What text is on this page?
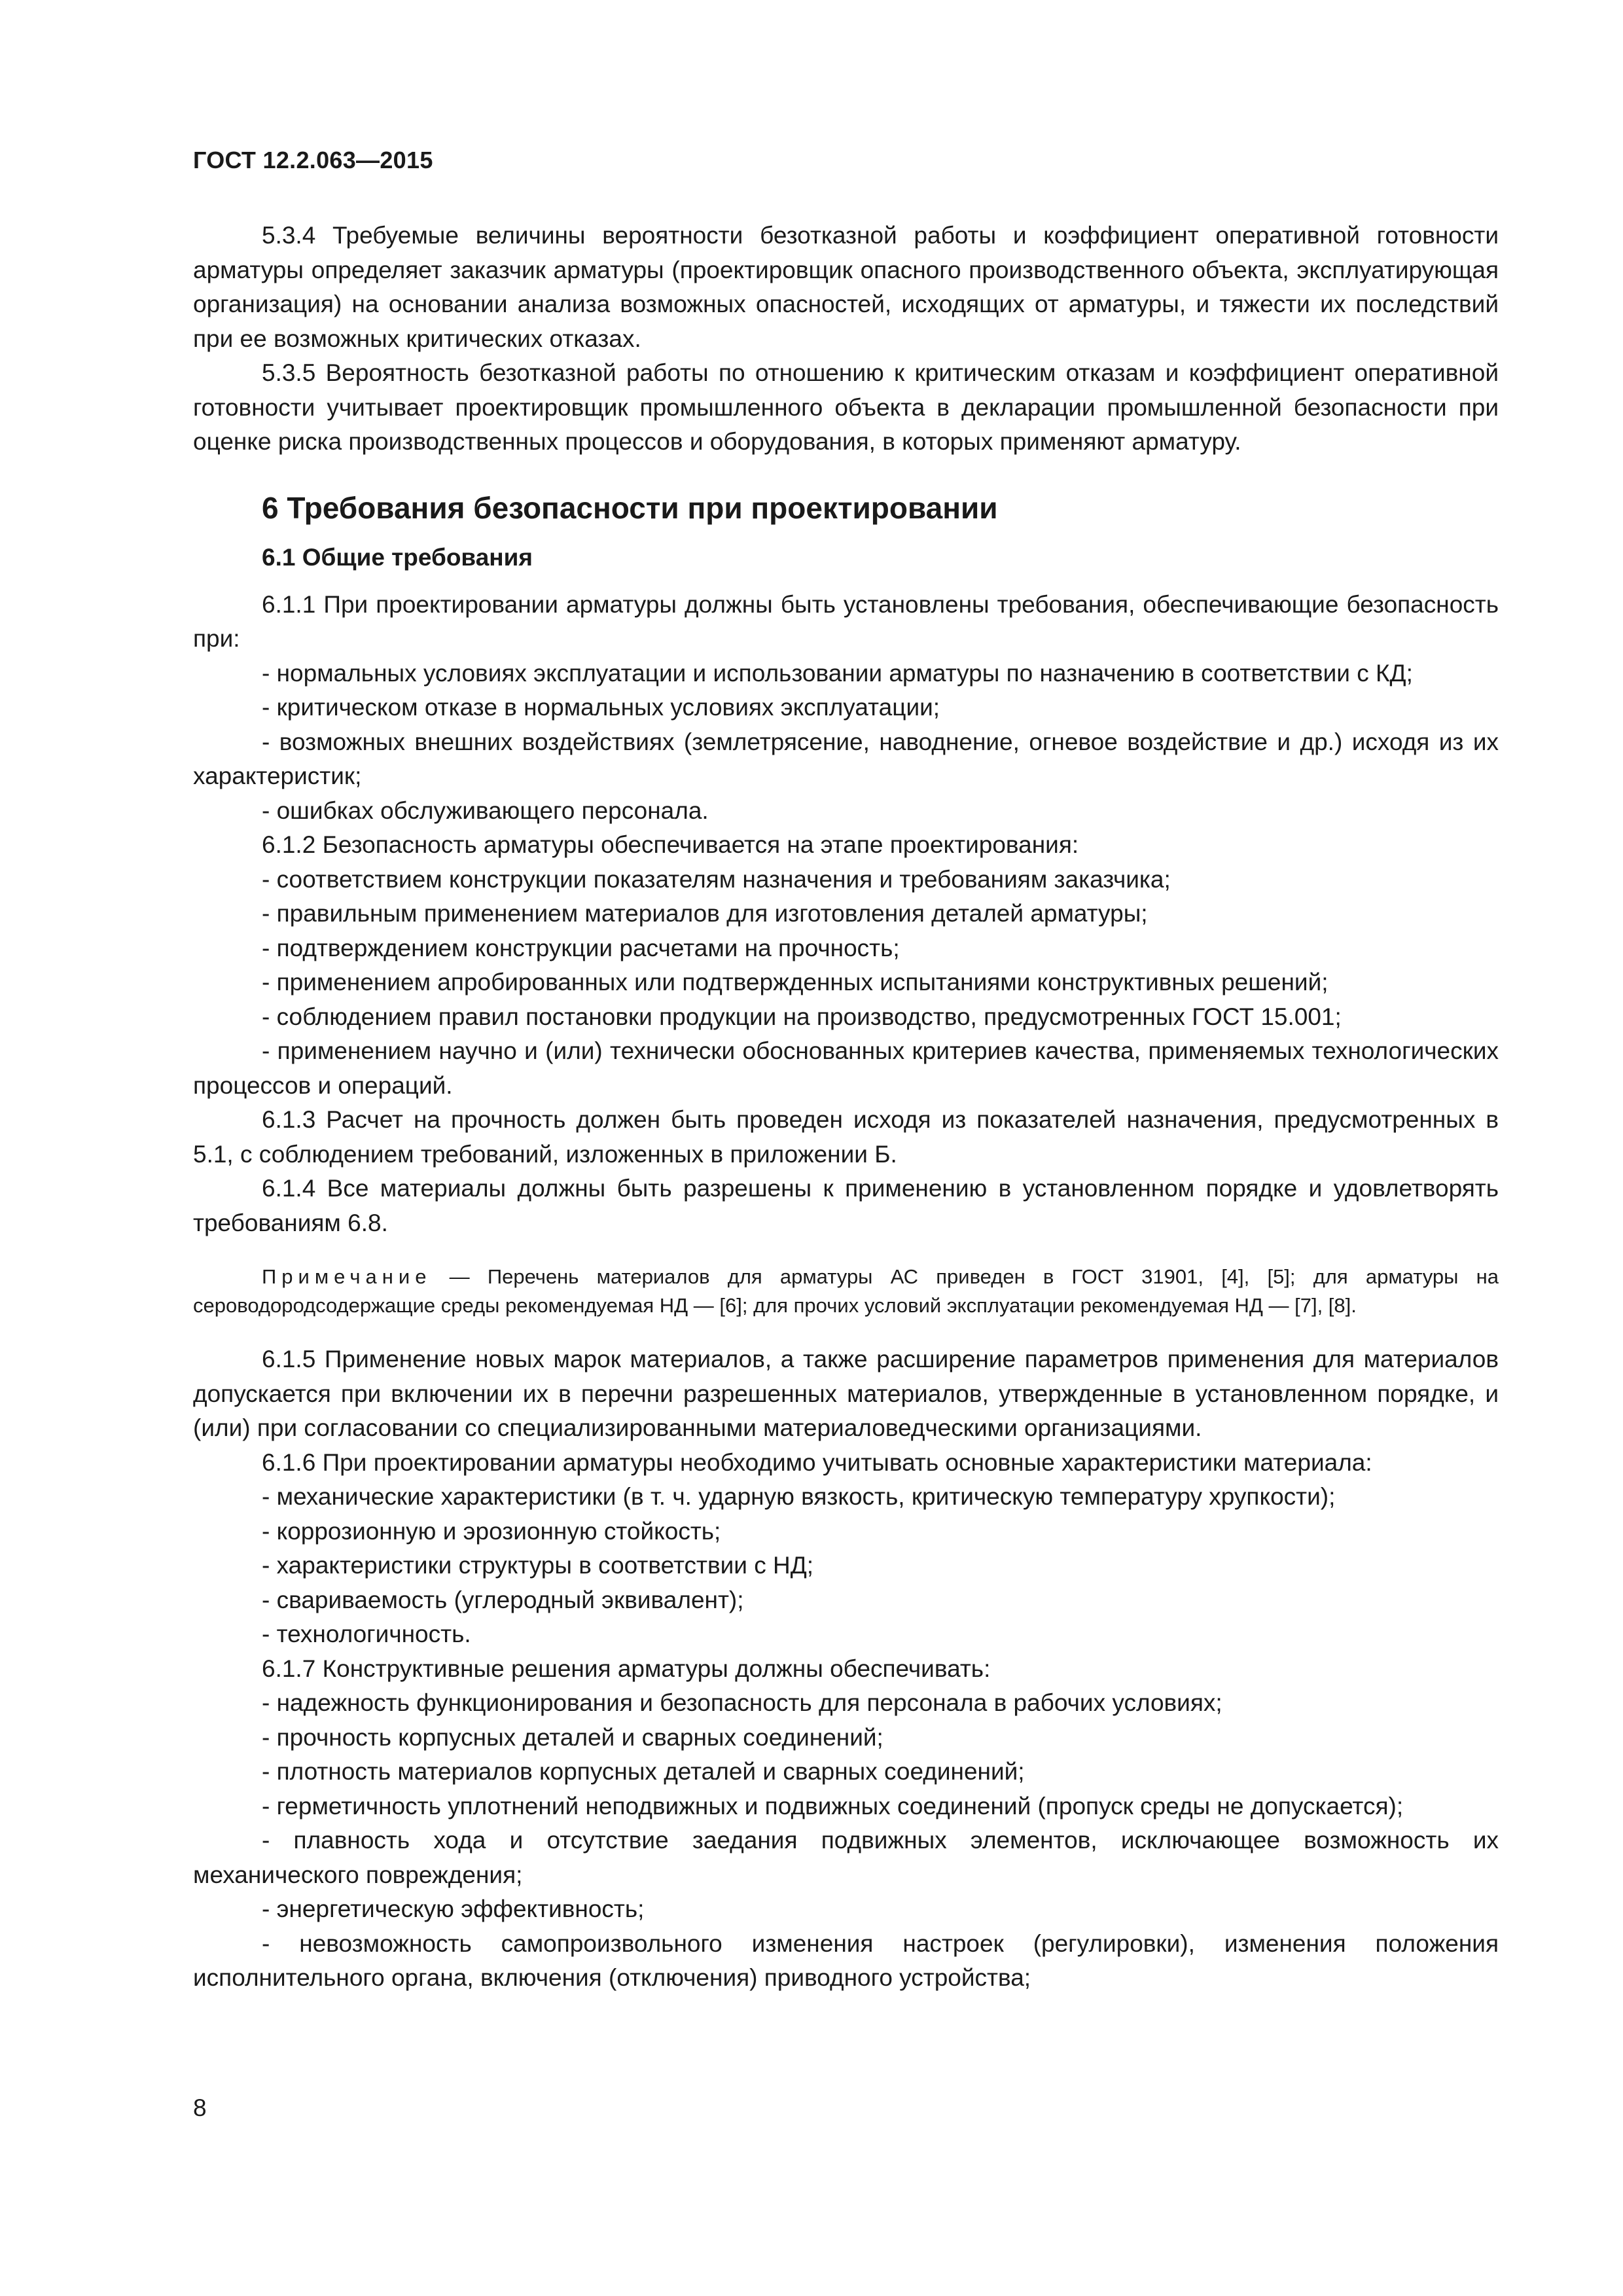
ГОСТ 12.2.063—2015

5.3.4 Требуемые величины вероятности безотказной работы и коэффициент оперативной готовности арматуры определяет заказчик арматуры (проектировщик опасного производственного объекта, эксплуатирующая организация) на основании анализа возможных опасностей, исходящих от арматуры, и тяжести их последствий при ее возможных критических отказах.

5.3.5 Вероятность безотказной работы по отношению к критическим отказам и коэффициент оперативной готовности учитывает проектировщик промышленного объекта в декларации промышленной безопасности при оценке риска производственных процессов и оборудования, в которых применяют арматуру.

6 Требования безопасности при проектировании
6.1 Общие требования

6.1.1 При проектировании арматуры должны быть установлены требования, обеспечивающие безопасность при:

- нормальных условиях эксплуатации и использовании арматуры по назначению в соответствии с КД;

- критическом отказе в нормальных условиях эксплуатации;

- возможных внешних воздействиях (землетрясение, наводнение, огневое воздействие и др.) исходя из их характеристик;

- ошибках обслуживающего персонала.

6.1.2 Безопасность арматуры обеспечивается на этапе проектирования:

- соответствием конструкции показателям назначения и требованиям заказчика;

- правильным применением материалов для изготовления деталей арматуры;

- подтверждением конструкции расчетами на прочность;

- применением апробированных или подтвержденных испытаниями конструктивных решений;

- соблюдением правил постановки продукции на производство, предусмотренных ГОСТ 15.001;

- применением научно и (или) технически обоснованных критериев качества, применяемых технологических процессов и операций.

6.1.3 Расчет на прочность должен быть проведен исходя из показателей назначения, предусмотренных в 5.1, с соблюдением требований, изложенных в приложении Б.

6.1.4 Все материалы должны быть разрешены к применению в установленном порядке и удовлетворять требованиям 6.8.

Примечание — Перечень материалов для арматуры АС приведен в ГОСТ 31901, [4], [5]; для арматуры на сероводородсодержащие среды рекомендуемая НД — [6]; для прочих условий эксплуатации рекомендуемая НД — [7], [8].

6.1.5 Применение новых марок материалов, а также расширение параметров применения для материалов допускается при включении их в перечни разрешенных материалов, утвержденные в установленном порядке, и (или) при согласовании со специализированными материаловедческими организациями.

6.1.6 При проектировании арматуры необходимо учитывать основные характеристики материала:

- механические характеристики (в т. ч. ударную вязкость, критическую температуру хрупкости);

- коррозионную и эрозионную стойкость;

- характеристики структуры в соответствии с НД;

- свариваемость (углеродный эквивалент);

- технологичность.

6.1.7 Конструктивные решения арматуры должны обеспечивать:

- надежность функционирования и безопасность для персонала в рабочих условиях;

- прочность корпусных деталей и сварных соединений;

- плотность материалов корпусных деталей и сварных соединений;

- герметичность уплотнений неподвижных и подвижных соединений (пропуск среды не допускается);

- плавность хода и отсутствие заедания подвижных элементов, исключающее возможность их механического повреждения;

- энергетическую эффективность;

- невозможность самопроизвольного изменения настроек (регулировки), изменения положения исполнительного органа, включения (отключения) приводного устройства;

8
